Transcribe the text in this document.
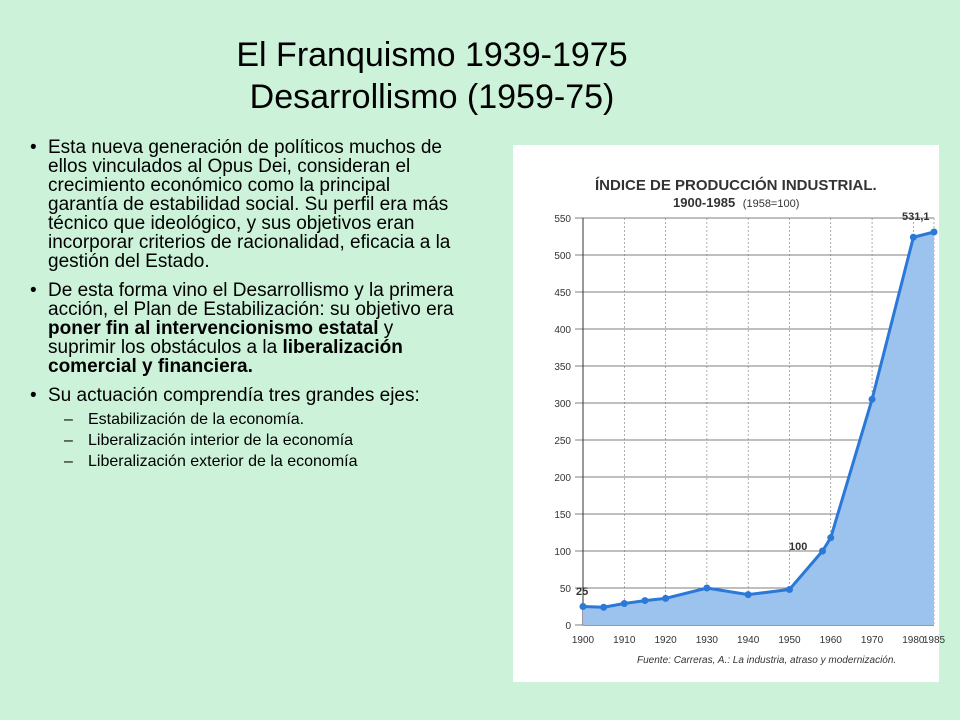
El Franquismo 1939-1975
Desarrollismo (1959-75)
• Esta nueva generación de políticos muchos de ellos vinculados al Opus Dei, consideran el crecimiento económico como la principal garantía de estabilidad social. Su perfil era más técnico que ideológico, y sus objetivos eran incorporar criterios de racionalidad, eficacia a la gestión del Estado.
• De esta forma vino el Desarrollismo y la primera acción, el Plan de Estabilización: su objetivo era poner fin al intervencionismo estatal y suprimir los obstáculos a la liberalización comercial y financiera.
• Su actuación comprendía tres grandes ejes:
– Estabilización de la economía.
– Liberalización interior de la economía
– Liberalización exterior de la economía
ÍNDICE DE PRODUCCIÓN INDUSTRIAL.
1900-1985 (1958=100)
0
50
100
150
200
250
300
350
400
450
500
550
1900 1910 1920 1930 1940 1950 1960 1970 1980
1985
25
100
531,1
Fuente: Carreras, A.: La industria, atraso y modernización.
